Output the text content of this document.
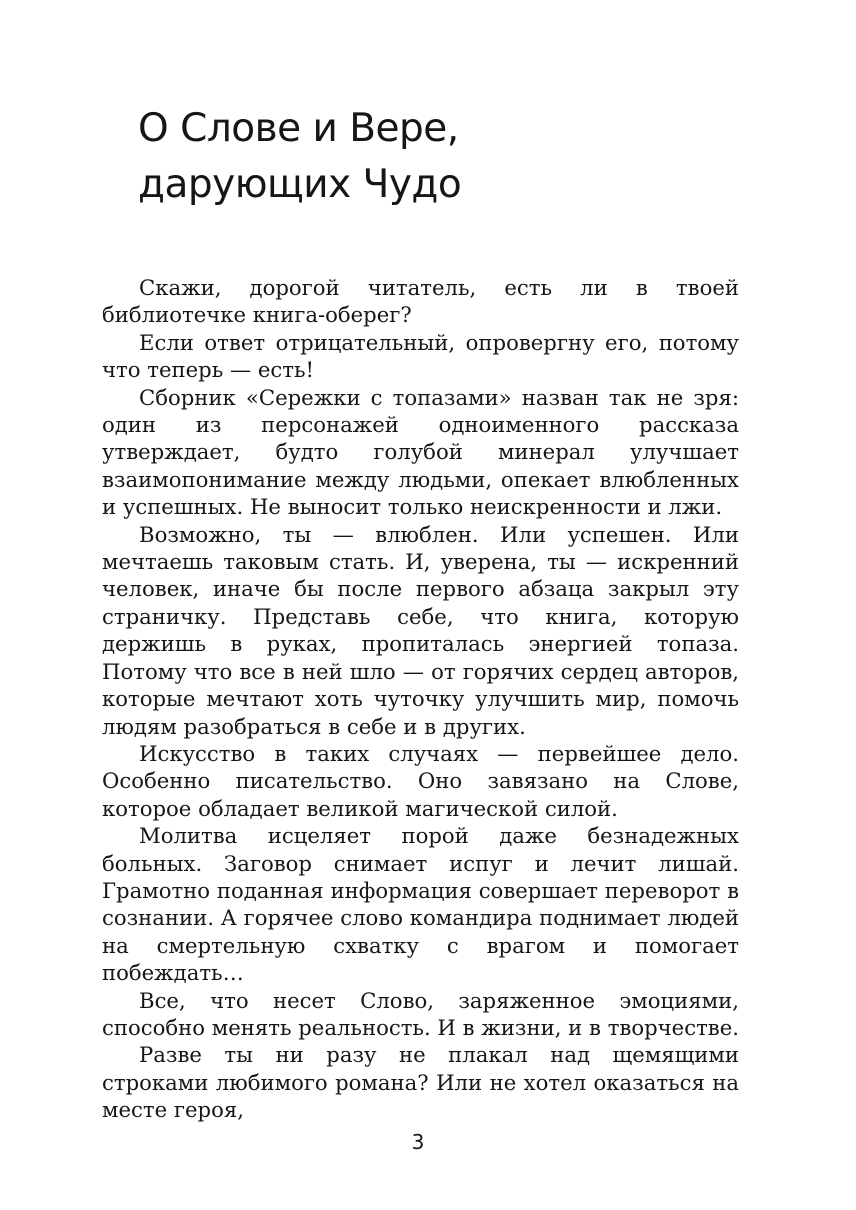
О Слове и Вере,
дарующих Чудо

Скажи, дорогой читатель, есть ли в твоей библиотечке книга-оберег?

Если ответ отрицательный, опровергну его, потому что теперь — есть!

Сборник «Сережки с топазами» назван так не зря: один из персонажей одноименного рассказа утверждает, будто голубой минерал улучшает взаимопонимание между людьми, опекает влюбленных и успешных. Не выносит только неискренности и лжи.

Возможно, ты — влюблен. Или успешен. Или мечтаешь таковым стать. И, уверена, ты — искренний человек, иначе бы после первого абзаца закрыл эту страничку. Представь себе, что книга, которую держишь в руках, пропиталась энергией топаза. Потому что все в ней шло — от горячих сердец авторов, которые мечтают хоть чуточку улучшить мир, помочь людям разобраться в себе и в других.

Искусство в таких случаях — первейшее дело. Особенно писательство. Оно завязано на Слове, которое обладает великой магической силой.

Молитва исцеляет порой даже безнадежных больных. Заговор снимает испуг и лечит лишай. Грамотно поданная информация совершает переворот в сознании. А горячее слово командира поднимает людей на смертельную схватку с врагом и помогает побеждать…

Все, что несет Слово, заряженное эмоциями, способно менять реальность. И в жизни, и в творчестве.

Разве ты ни разу не плакал над щемящими строками любимого романа? Или не хотел оказаться на месте героя,

3
